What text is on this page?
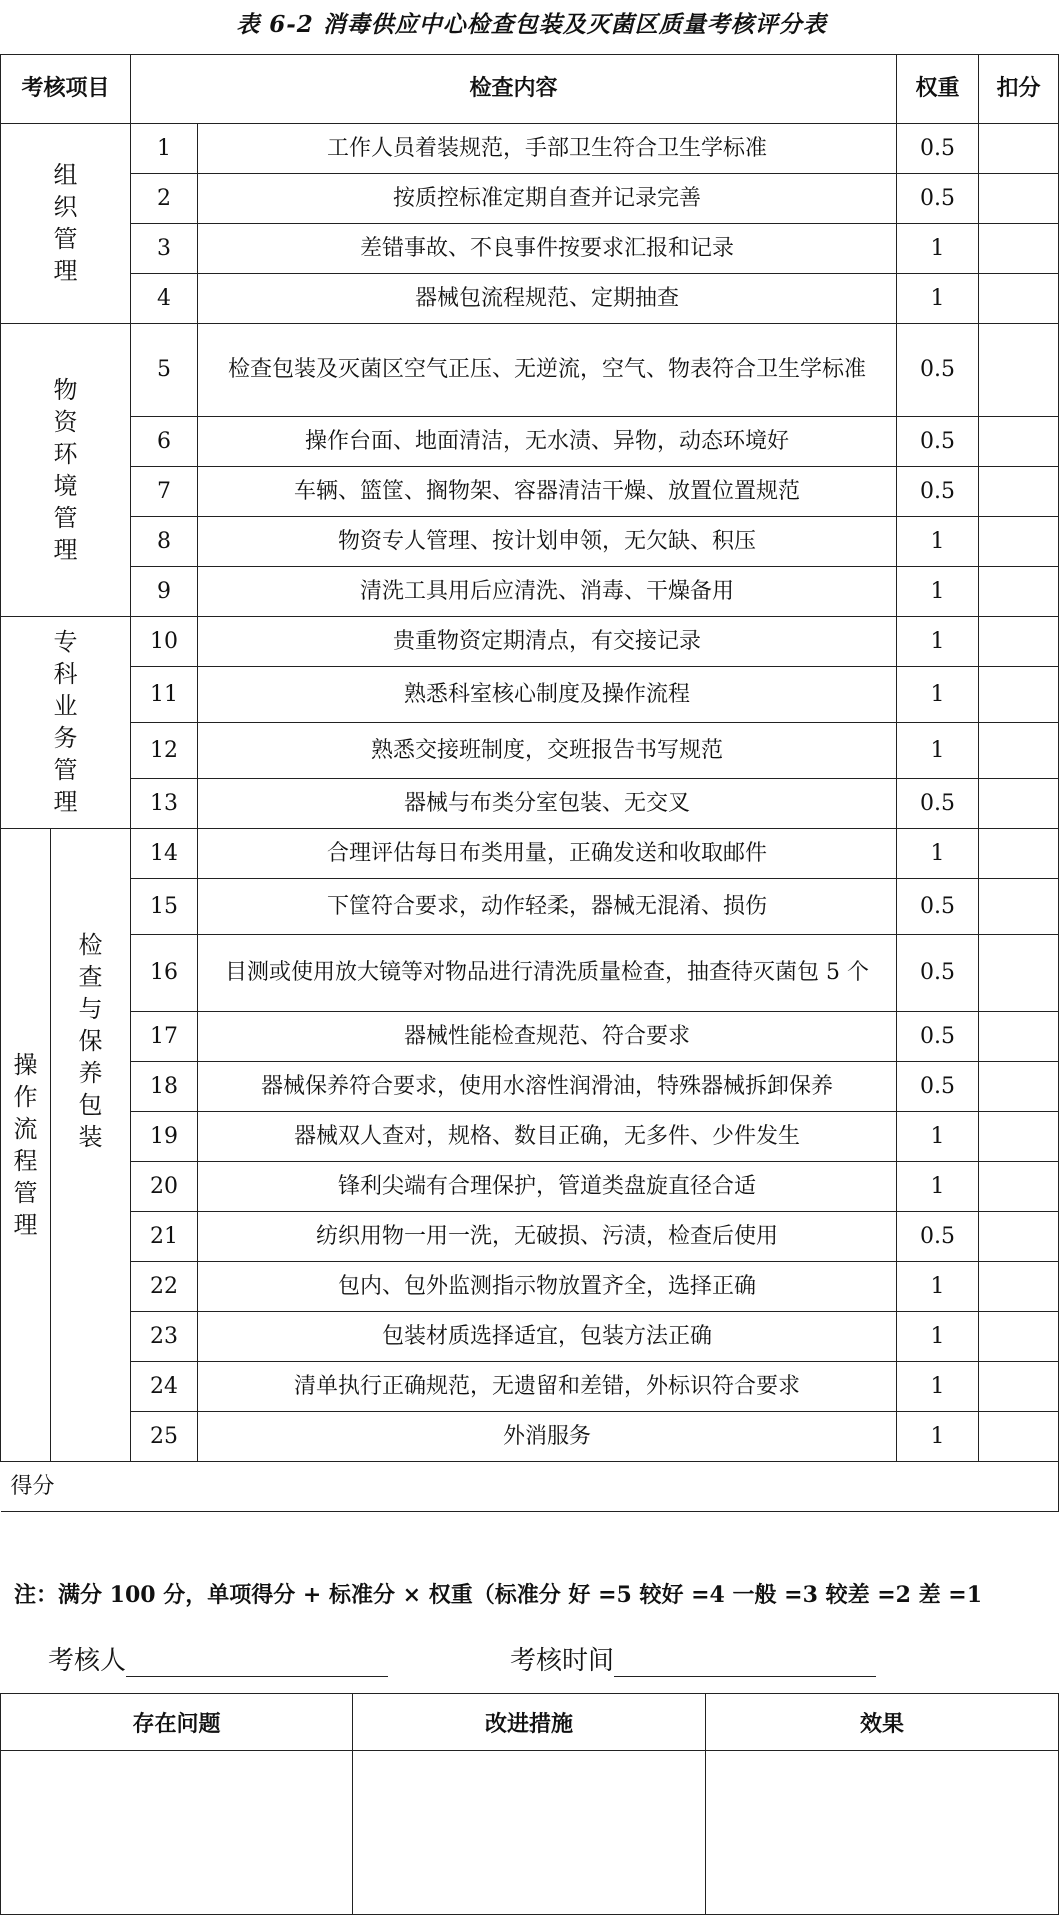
表 6-2 消毒供应中心检查包装及灭菌区质量考核评分表
考核项目		检查内容		权重	扣分
组织管理		1	工作人员着装规范，手部卫生符合卫生学标准	0.5	
		2	按质控标准定期自查并记录完善	0.5	
		3	差错事故、不良事件按要求汇报和记录	1	
		4	器械包流程规范、定期抽查	1	
物资环境管理		5	检查包装及灭菌区空气正压、无逆流，空气、物表符合卫生学标准	0.5	
		6	操作台面、地面清洁，无水渍、异物，动态环境好	0.5	
		7	车辆、篮筐、搁物架、容器清洁干燥、放置位置规范	0.5	
		8	物资专人管理、按计划申领，无欠缺、积压	1	
		9	清洗工具用后应清洗、消毒、干燥备用	1	
专科业务管理		10	贵重物资定期清点，有交接记录	1	
		11	熟悉科室核心制度及操作流程	1	
		12	熟悉交接班制度，交班报告书写规范	1	
		13	器械与布类分室包装、无交叉	0.5	
操作流程管理	检查与保养包装	14	合理评估每日布类用量，正确发送和收取邮件	1	
		15	下筐符合要求，动作轻柔，器械无混淆、损伤	0.5	
		16	目测或使用放大镜等对物品进行清洗质量检查，抽查待灭菌包 5 个	0.5	
		17	器械性能检查规范、符合要求	0.5	
		18	器械保养符合要求，使用水溶性润滑油，特殊器械拆卸保养	0.5	
		19	器械双人查对，规格、数目正确，无多件、少件发生	1	
		20	锋利尖端有合理保护，管道类盘旋直径合适	1	
		21	纺织用物一用一洗，无破损、污渍，检查后使用	0.5	
		22	包内、包外监测指示物放置齐全，选择正确	1	
		23	包装材质选择适宜，包装方法正确	1	
		24	清单执行正确规范，无遗留和差错，外标识符合要求	1	
		25	外消服务	1	
得分					
注：满分 100 分，单项得分 + 标准分 × 权重（标准分 好 =5 较好 =4 一般 =3 较差 =2 差 =1
考核人	考核时间
存在问题	改进措施	效果
